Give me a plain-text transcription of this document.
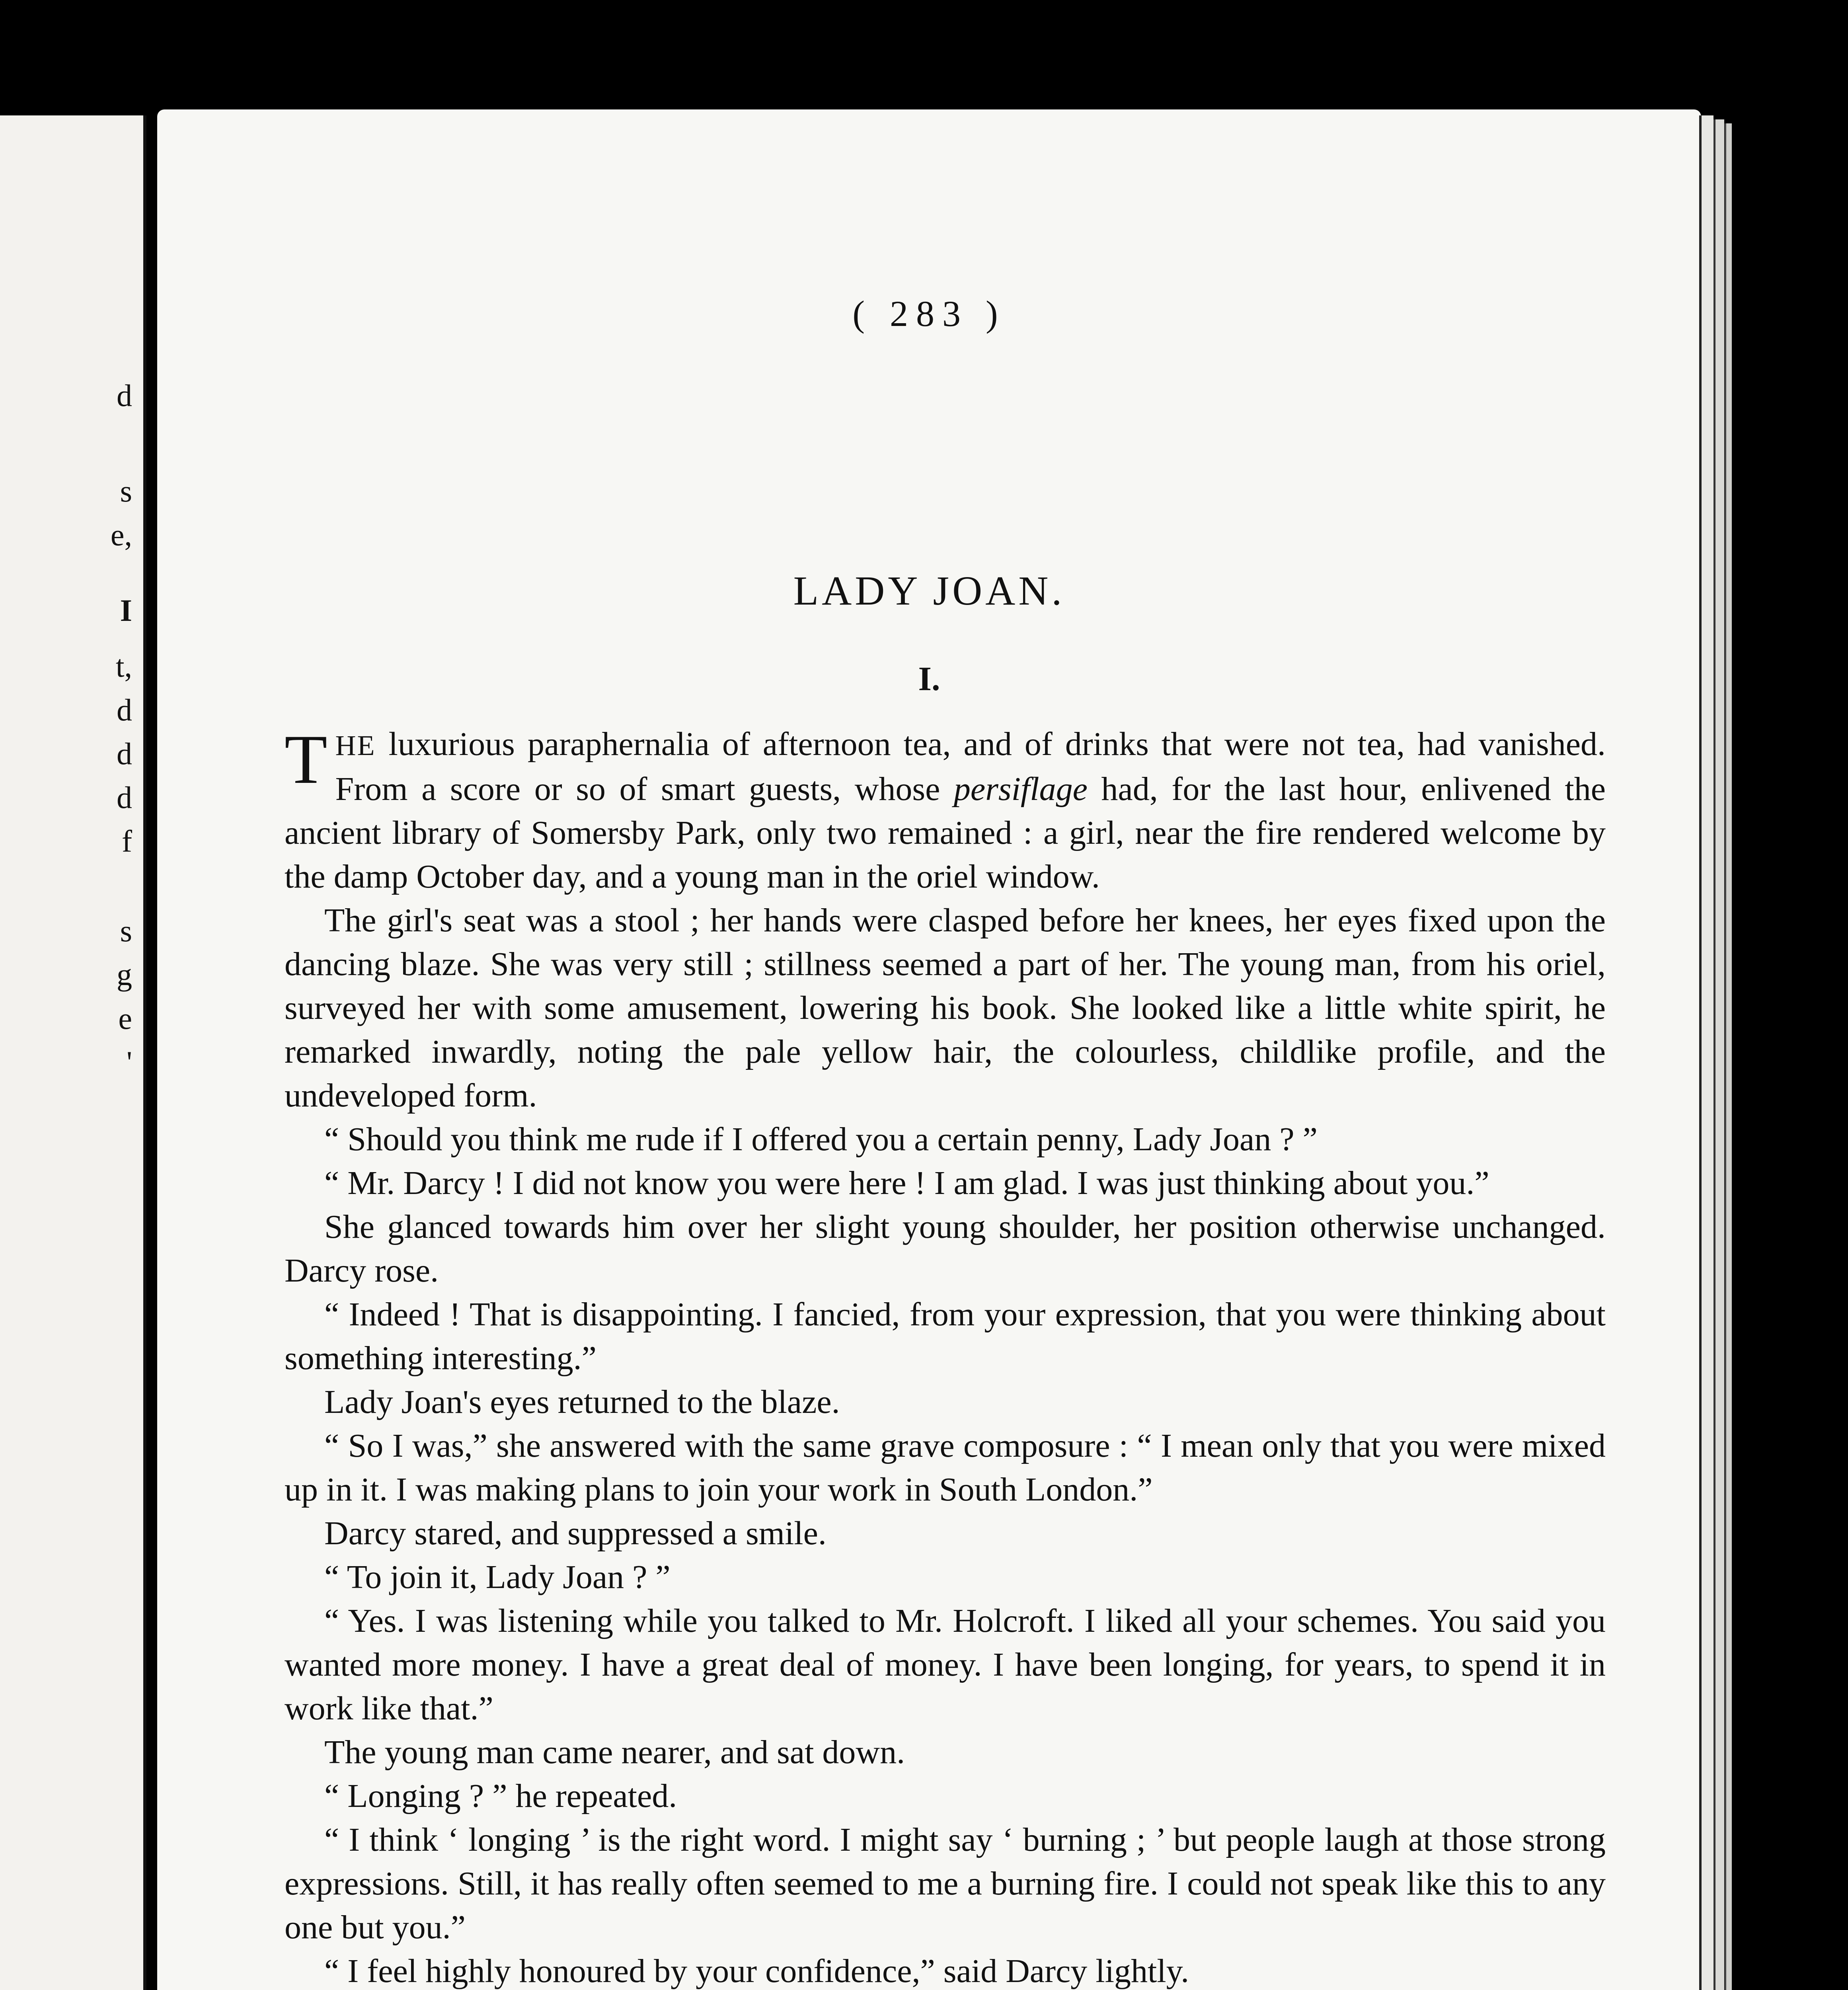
d
s
e,
I
t,
d
d
d
f
s
g
e
'
( 283 )
LADY JOAN.
I.

THE luxurious paraphernalia of afternoon tea, and of drinks that were not tea, had vanished. From a score or so of smart guests, whose persiflage had, for the last hour, enlivened the ancient library of Somersby Park, only two remained : a girl, near the fire rendered welcome by the damp October day, and a young man in the oriel window.

The girl's seat was a stool ; her hands were clasped before her knees, her eyes fixed upon the dancing blaze. She was very still ; stillness seemed a part of her. The young man, from his oriel, surveyed her with some amusement, lowering his book. She looked like a little white spirit, he remarked inwardly, noting the pale yellow hair, the colourless, childlike profile, and the undeveloped form.

“ Should you think me rude if I offered you a certain penny, Lady Joan ? ”

“ Mr. Darcy ! I did not know you were here ! I am glad. I was just thinking about you.”

She glanced towards him over her slight young shoulder, her position otherwise unchanged. Darcy rose.

“ Indeed ! That is disappointing. I fancied, from your expression, that you were thinking about something interesting.”

Lady Joan's eyes returned to the blaze.

“ So I was,” she answered with the same grave composure : “ I mean only that you were mixed up in it. I was making plans to join your work in South London.”

Darcy stared, and suppressed a smile.

“ To join it, Lady Joan ? ”

“ Yes. I was listening while you talked to Mr. Holcroft. I liked all your schemes. You said you wanted more money. I have a great deal of money. I have been longing, for years, to spend it in work like that.”

The young man came nearer, and sat down.

“ Longing ? ” he repeated.

“ I think ‘ longing ’ is the right word. I might say ‘ burning ; ’ but people laugh at those strong expressions. Still, it has really often seemed to me a burning fire. I could not speak like this to any one but you.”

“ I feel highly honoured by your confidence,” said Darcy lightly.
